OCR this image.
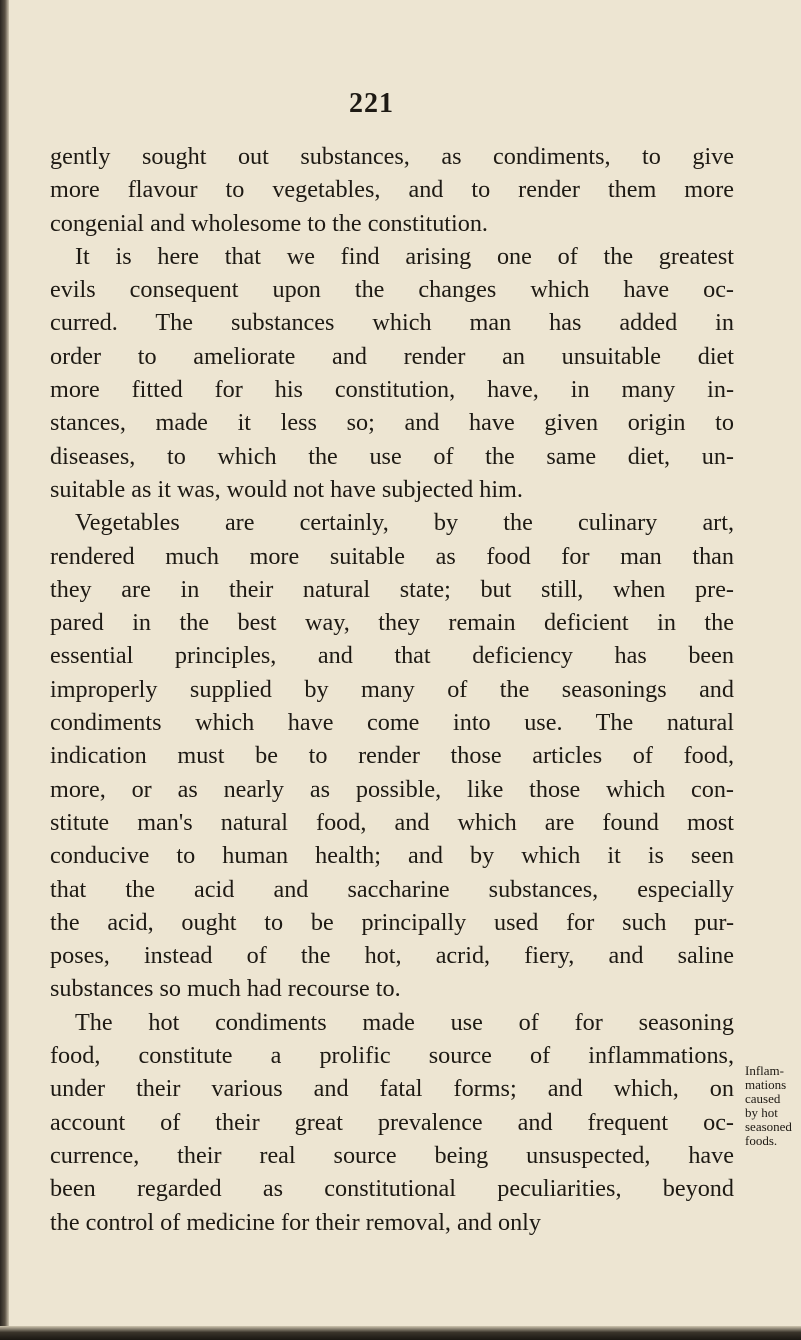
221
gently sought out substances, as condiments, to give
more flavour to vegetables, and to render them more
congenial and wholesome to the constitution.
It is here that we find arising one of the greatest
evils consequent upon the changes which have oc-
curred. The substances which man has added in
order to ameliorate and render an unsuitable diet
more fitted for his constitution, have, in many in-
stances, made it less so; and have given origin to
diseases, to which the use of the same diet, un-
suitable as it was, would not have subjected him.
Vegetables are certainly, by the culinary art,
rendered much more suitable as food for man than
they are in their natural state; but still, when pre-
pared in the best way, they remain deficient in the
essential principles, and that deficiency has been
improperly supplied by many of the seasonings and
condiments which have come into use. The natural
indication must be to render those articles of food,
more, or as nearly as possible, like those which con-
stitute man's natural food, and which are found most
conducive to human health; and by which it is seen
that the acid and saccharine substances, especially
the acid, ought to be principally used for such pur-
poses, instead of the hot, acrid, fiery, and saline
substances so much had recourse to.
The hot condiments made use of for seasoning
food, constitute a prolific source of inflammations,
under their various and fatal forms; and which, on
account of their great prevalence and frequent oc-
currence, their real source being unsuspected, have
been regarded as constitutional peculiarities, beyond
the control of medicine for their removal, and only
Inflam-
mations
caused
by hot
seasoned
foods.
